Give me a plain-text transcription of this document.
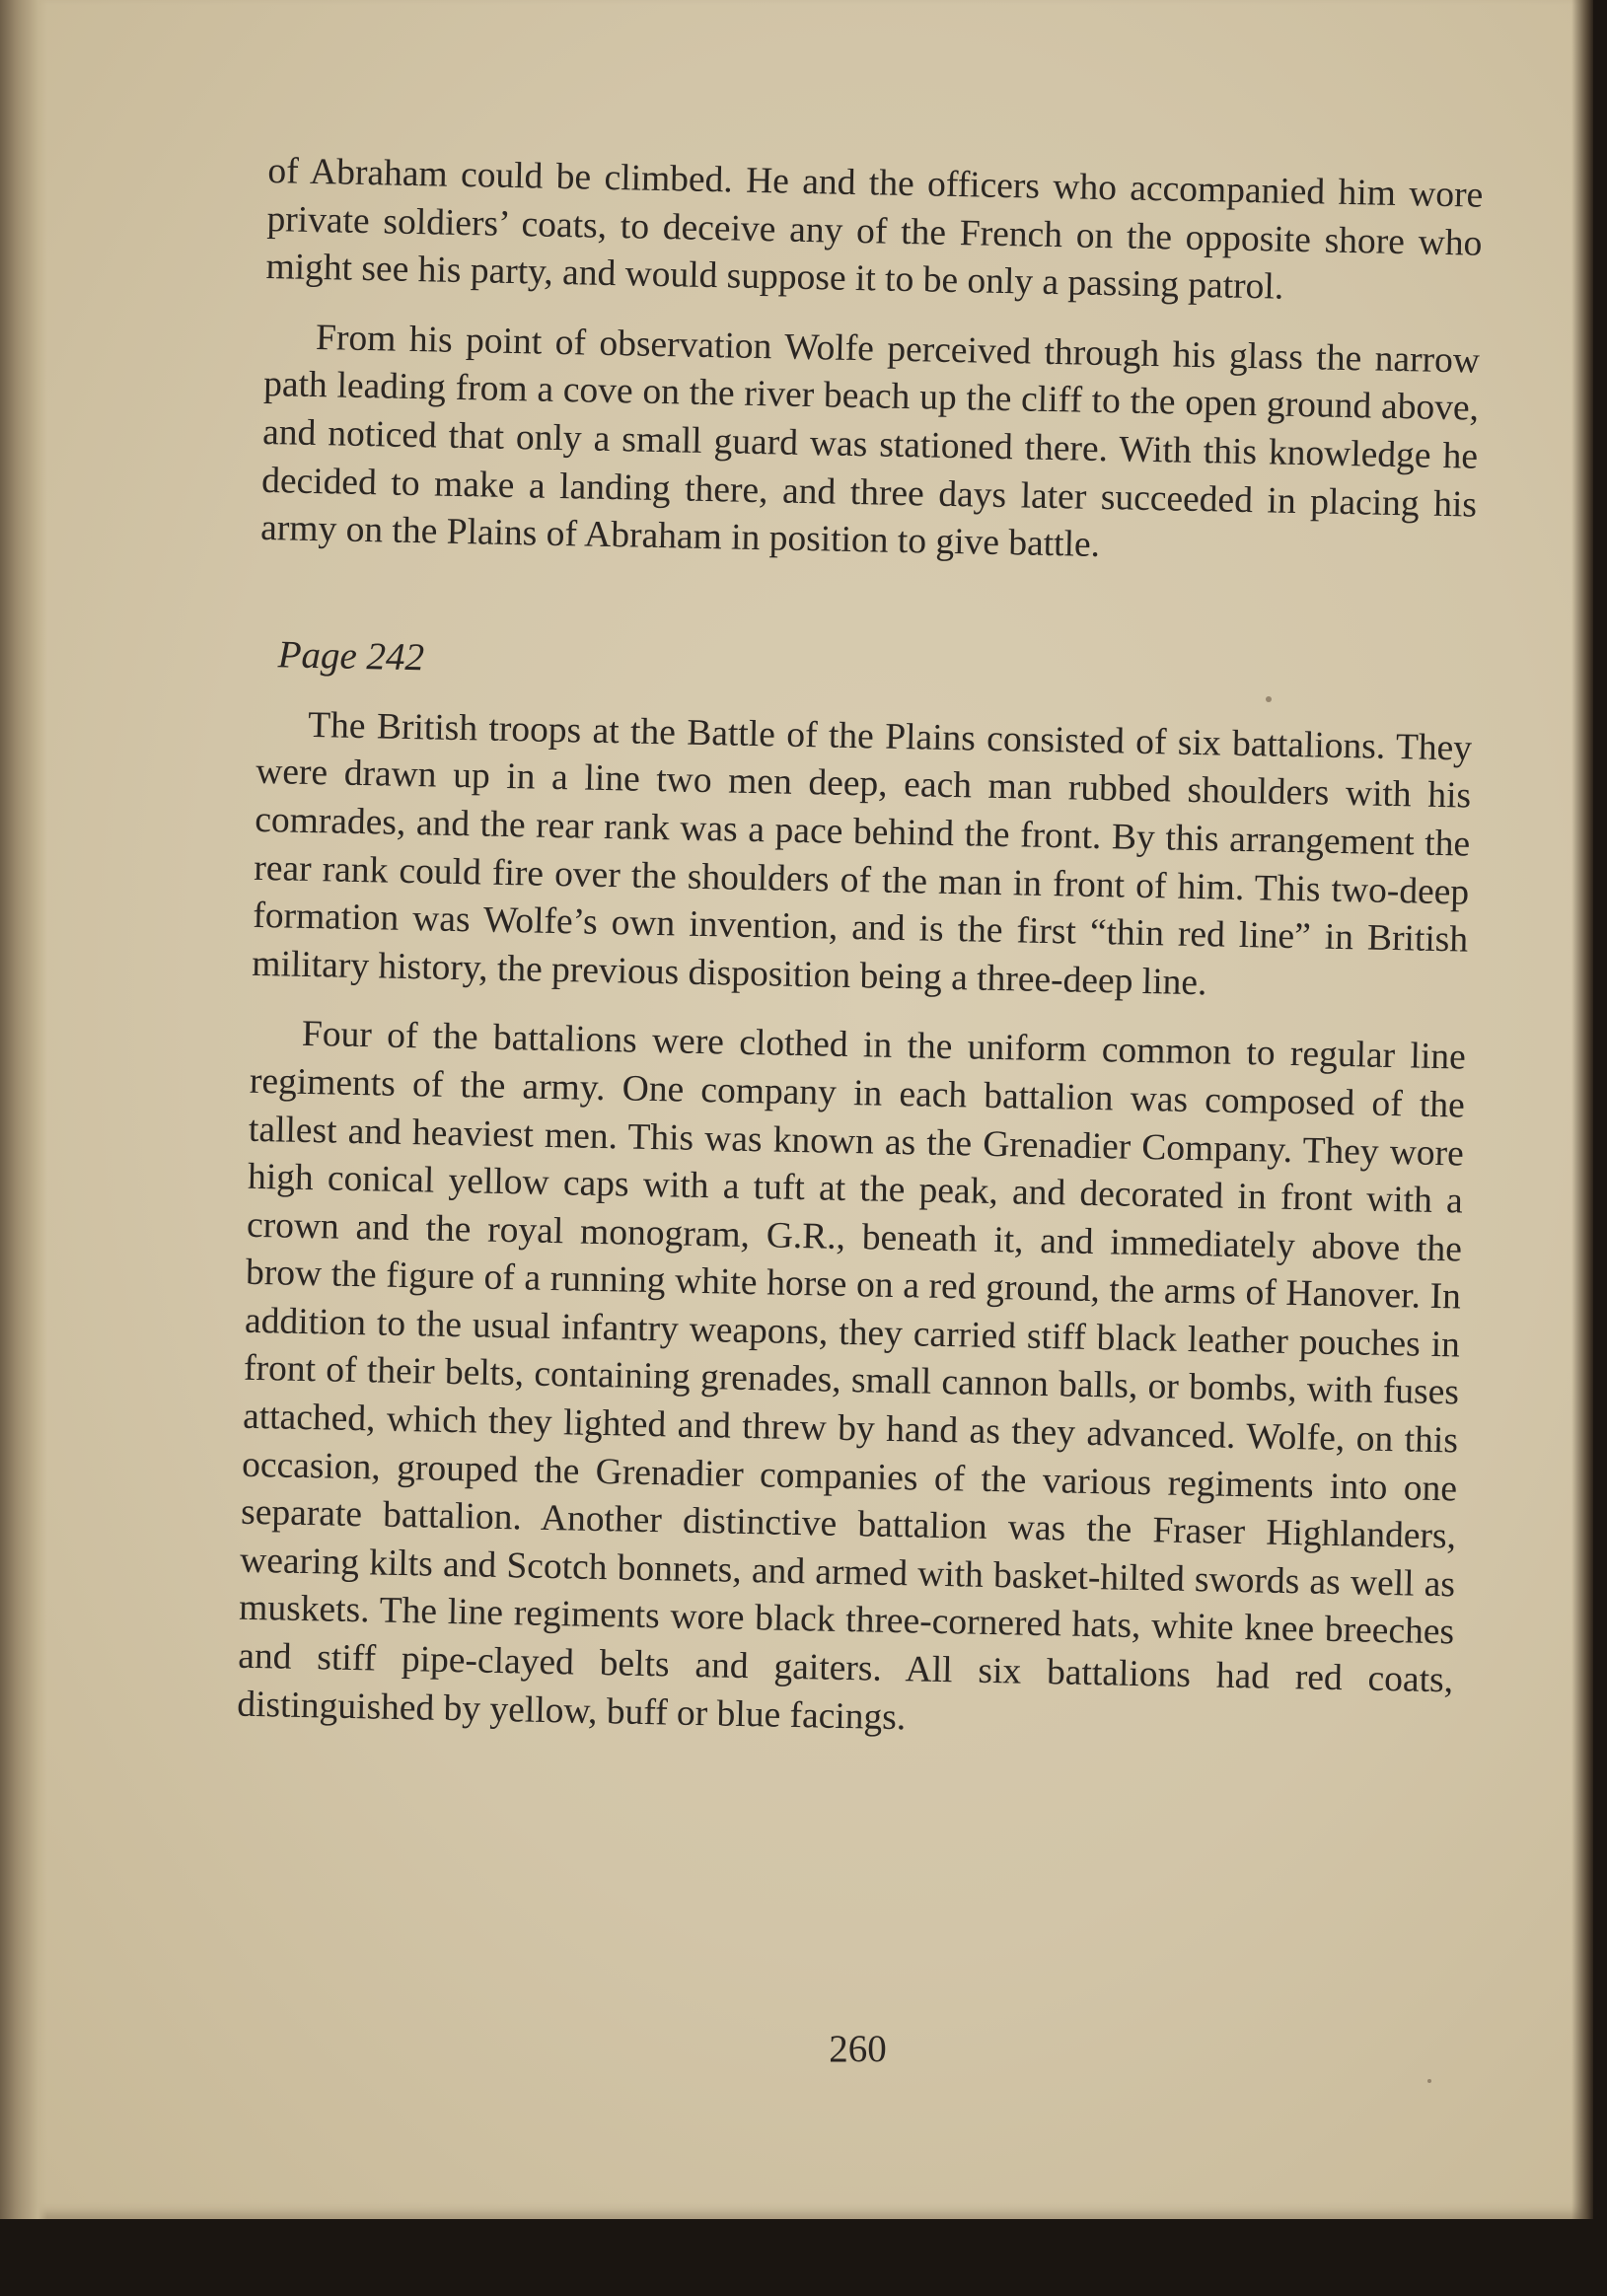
of Abraham could be climbed. He and the officers who accompanied him wore private soldiers’ coats, to deceive any of the French on the opposite shore who might see his party, and would suppose it to be only a passing patrol.

From his point of observation Wolfe perceived through his glass the narrow path leading from a cove on the river beach up the cliff to the open ground above, and noticed that only a small guard was stationed there. With this knowledge he decided to make a landing there, and three days later succeeded in placing his army on the Plains of Abraham in position to give battle.

Page 242

The British troops at the Battle of the Plains consisted of six battalions. They were drawn up in a line two men deep, each man rubbed shoulders with his comrades, and the rear rank was a pace behind the front. By this arrangement the rear rank could fire over the shoulders of the man in front of him. This two-deep formation was Wolfe’s own invention, and is the first “thin red line” in British military history, the previous disposition being a three-deep line.

Four of the battalions were clothed in the uniform common to regular line regiments of the army. One company in each battalion was composed of the tallest and heaviest men. This was known as the Grenadier Company. They wore high conical yellow caps with a tuft at the peak, and decorated in front with a crown and the royal monogram, G.R., beneath it, and immediately above the brow the figure of a running white horse on a red ground, the arms of Hanover. In addition to the usual infantry weapons, they carried stiff black leather pouches in front of their belts, containing grenades, small cannon balls, or bombs, with fuses attached, which they lighted and threw by hand as they advanced. Wolfe, on this occasion, grouped the Grenadier companies of the various regiments into one separate battalion. Another distinctive battalion was the Fraser Highlanders, wearing kilts and Scotch bonnets, and armed with basket-hilted swords as well as muskets. The line regiments wore black three-cornered hats, white knee breeches and stiff pipe-clayed belts and gaiters. All six battalions had red coats, distinguished by yellow, buff or blue facings.

260
